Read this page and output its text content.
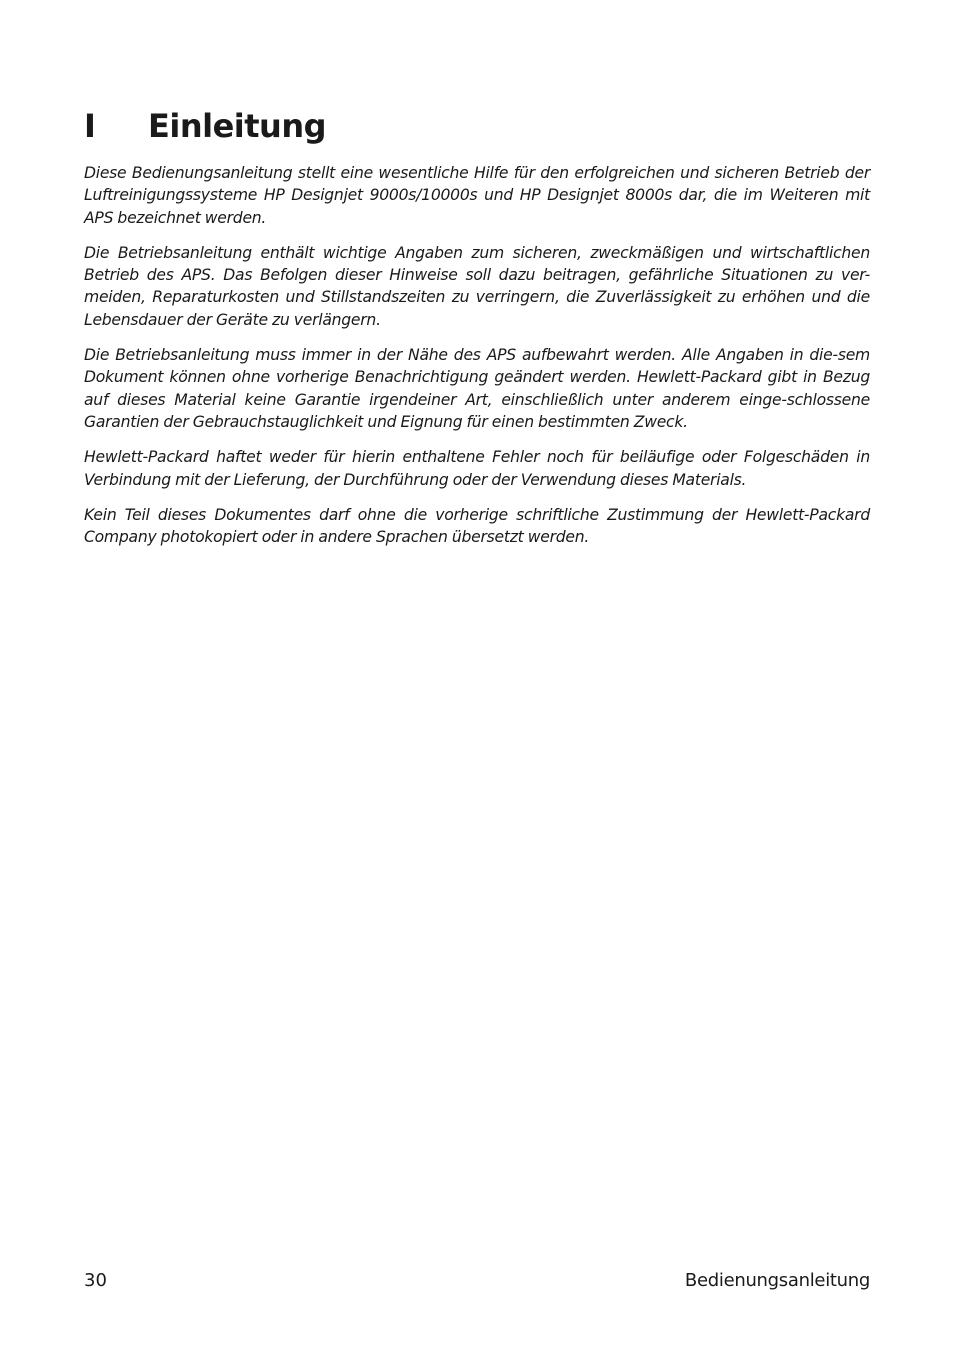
I Einleitung

Diese Bedienungsanleitung stellt eine wesentliche Hilfe für den erfolgreichen und sicheren Betrieb der Luftreinigungssysteme HP Designjet 9000s/10000s und HP Designjet 8000s dar, die im Weiteren mit APS bezeichnet werden.

Die Betriebsanleitung enthält wichtige Angaben zum sicheren, zweckmäßigen und wirtschaftlichen Betrieb des APS. Das Befolgen dieser Hinweise soll dazu beitragen, gefährliche Situationen zu ver-meiden, Reparaturkosten und Stillstandszeiten zu verringern, die Zuverlässigkeit zu erhöhen und die Lebensdauer der Geräte zu verlängern.

Die Betriebsanleitung muss immer in der Nähe des APS aufbewahrt werden. Alle Angaben in die-sem Dokument können ohne vorherige Benachrichtigung geändert werden. Hewlett-Packard gibt in Bezug auf dieses Material keine Garantie irgendeiner Art, einschließlich unter anderem einge-schlossene Garantien der Gebrauchstauglichkeit und Eignung für einen bestimmten Zweck.

Hewlett-Packard haftet weder für hierin enthaltene Fehler noch für beiläufige oder Folgeschäden in Verbindung mit der Lieferung, der Durchführung oder der Verwendung dieses Materials.

Kein Teil dieses Dokumentes darf ohne die vorherige schriftliche Zustimmung der Hewlett-Packard Company photokopiert oder in andere Sprachen übersetzt werden.

30	Bedienungsanleitung
